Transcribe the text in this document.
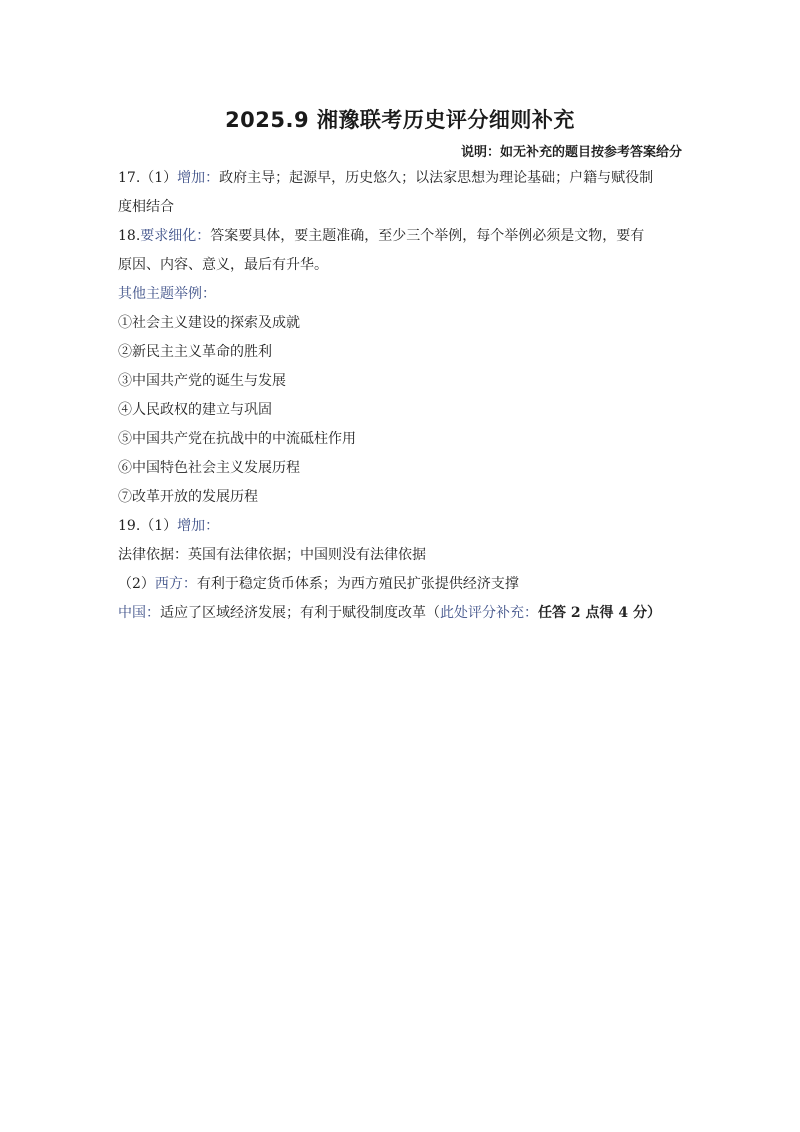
2025.9 湘豫联考历史评分细则补充
说明：如无补充的题目按参考答案给分
17.（1）增加：政府主导；起源早，历史悠久；以法家思想为理论基础；户籍与赋役制
度相结合
18.要求细化：答案要具体，要主题准确，至少三个举例，每个举例必须是文物，要有
原因、内容、意义，最后有升华。
其他主题举例：
①社会主义建设的探索及成就
②新民主主义革命的胜利
③中国共产党的诞生与发展
④人民政权的建立与巩固
⑤中国共产党在抗战中的中流砥柱作用
⑥中国特色社会主义发展历程
⑦改革开放的发展历程
19.（1）增加：
法律依据：英国有法律依据；中国则没有法律依据
（2）西方：有利于稳定货币体系；为西方殖民扩张提供经济支撑
中国：适应了区域经济发展；有利于赋役制度改革（此处评分补充：任答 2 点得 4 分）
